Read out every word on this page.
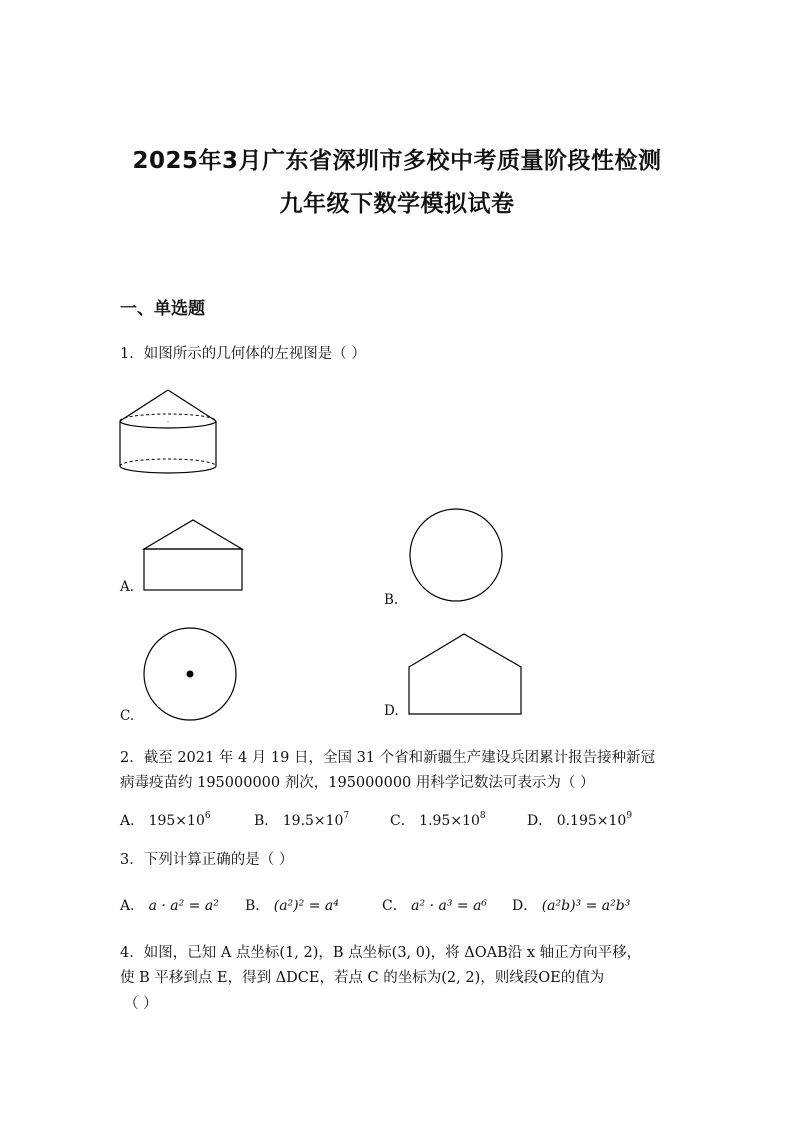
2025年3月广东省深圳市多校中考质量阶段性检测
九年级下数学模拟试卷
一、单选题
1．如图所示的几何体的左视图是（ ）
A.
B.
C.	D.
2．截至 2021 年 4 月 19 日，全国 31 个省和新疆生产建设兵团累计报告接种新冠
病毒疫苗约 195000000 剂次，195000000 用科学记数法可表示为（ ）
A． $195\times 10^6$	B． $19.5\times 10^7$	C． $1.95\times 10^8$	D． $0.195\times 10^9$
3．下列计算正确的是（ ）
A． a · a² = a² B． (a²)² = a⁴	C． a² · a³ = a⁶ D． (a²b)³ = a²b³
4．如图，已知 A 点坐标(1, 2)，B 点坐标(3, 0)，将 ΔOAB沿 x 轴正方向平移，
使 B 平移到点 E，得到 ΔDCE，若点 C 的坐标为(2, 2)，则线段OE的值为
（ ）
